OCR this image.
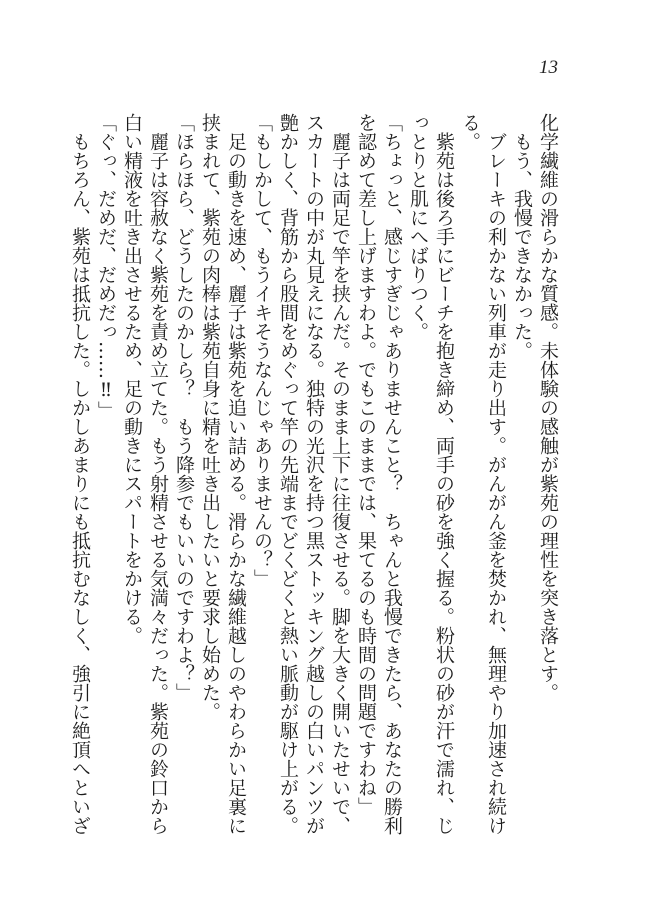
13
化学繊維の滑らかな質感。未体験の感触が紫苑の理性を突き落とす。
　もう、我慢できなかった。
　ブレーキの利かない列車が走り出す。がんがん釜を焚かれ、無理やり加速され続け
る。
　紫苑は後ろ手にビーチを抱き締め、両手の砂を強く握る。粉状の砂が汗で濡れ、じ
っとりと肌にへばりつく。
「ちょっと、感じすぎじゃありませんこと？　ちゃんと我慢できたら、あなたの勝利
を認めて差し上げますわよ。でもこのままでは、果てるのも時間の問題ですわね」
　麗子は両足で竿を挟んだ。そのまま上下に往復させる。脚を大きく開いたせいで、
スカートの中が丸見えになる。独特の光沢を持つ黒ストッキング越しの白いパンツが
艶かしく、背筋から股間をめぐって竿の先端までどくどくと熱い脈動が駆け上がる。
「もしかして、もうイキそうなんじゃありませんの？」
　足の動きを速め、麗子は紫苑を追い詰める。滑らかな繊維越しのやわらかい足裏に
挟まれて、紫苑の肉棒は紫苑自身に精を吐き出したいと要求し始めた。
「ほらほら、どうしたのかしら？　もう降参でもいいのですわよ？」
　麗子は容赦なく紫苑を責め立てた。もう射精させる気満々だった。紫苑の鈴口から
白い精液を吐き出させるため、足の動きにスパートをかける。
「ぐっ、だめだ、だめだっ……‼」
　もちろん、紫苑は抵抗した。しかしあまりにも抵抗むなしく、強引に絶頂へといざ
